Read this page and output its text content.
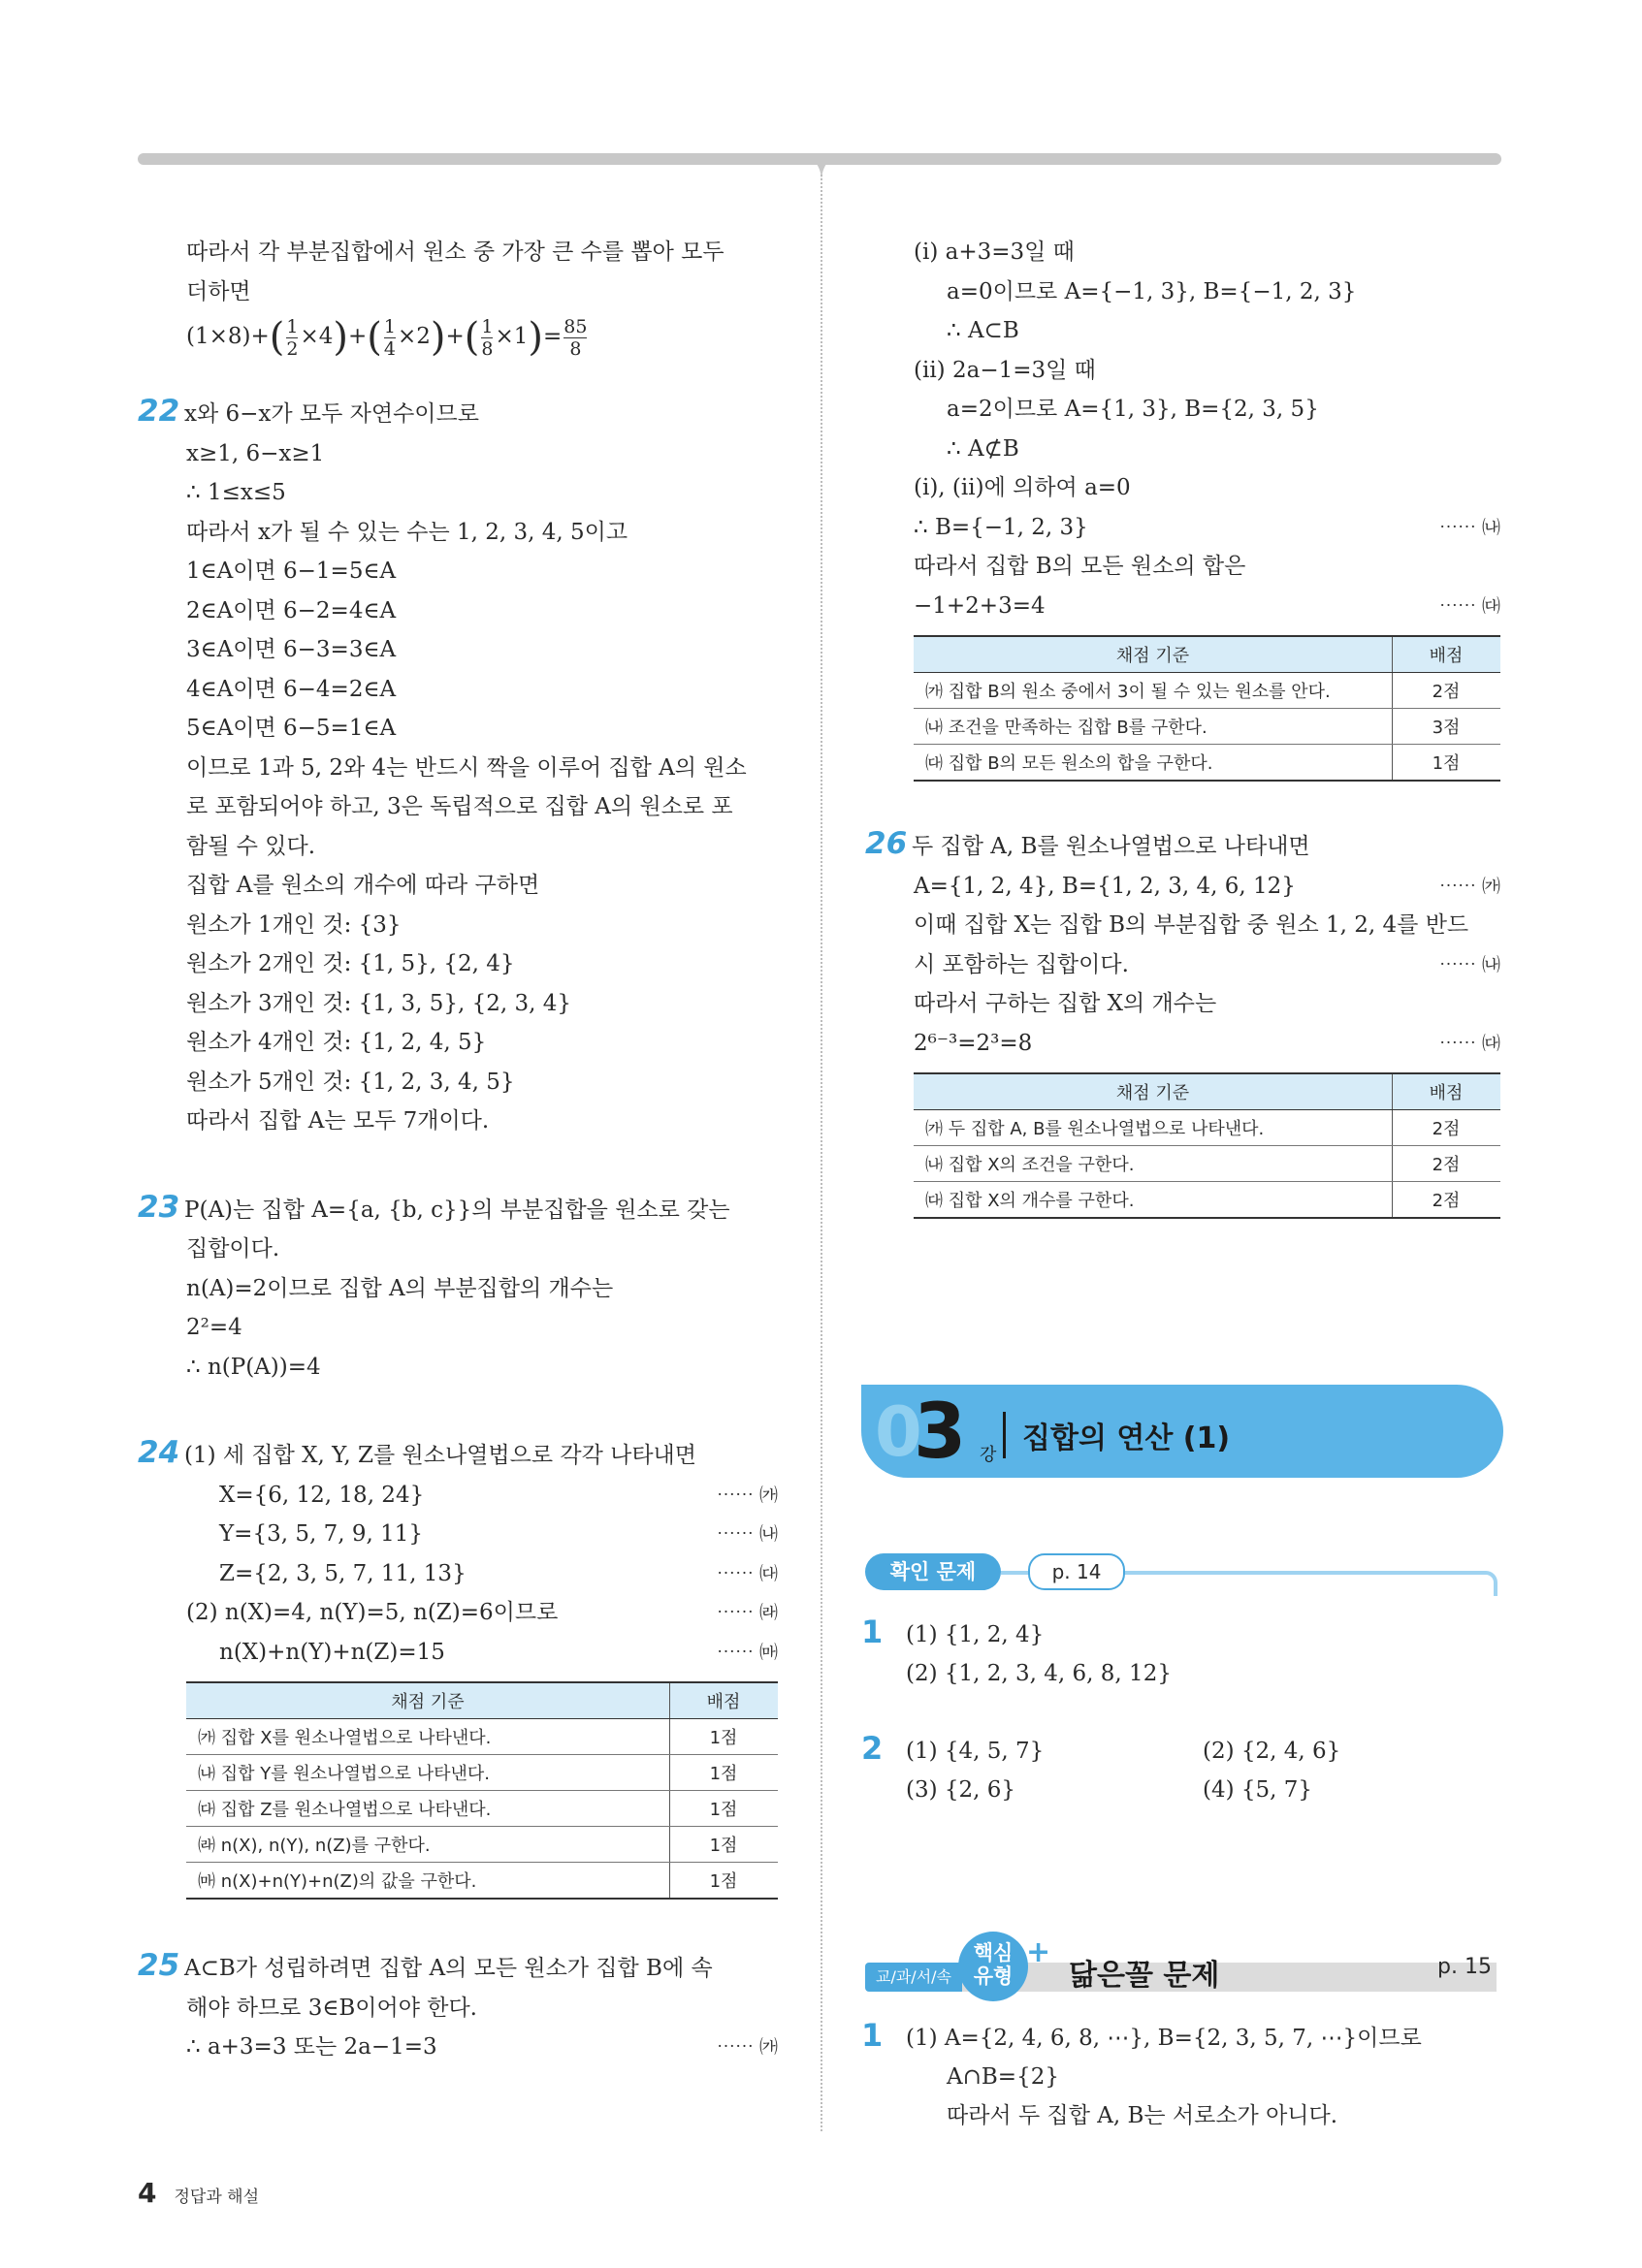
따라서 각 부분집합에서 원소 중 가장 큰 수를 뽑아 모두
더하면
$(1\times 8)+( \frac{1}{2} \times 4)+( \frac{1}{4} \times 2)+( \frac{1}{8} \times 1)= \frac{85}{8}$
22 x와 6−x가 모두 자연수이므로
x≥1, 6−x≥1
∴ 1≤x≤5
따라서 x가 될 수 있는 수는 1, 2, 3, 4, 5이고
1∈A이면 6−1=5∈A
2∈A이면 6−2=4∈A
3∈A이면 6−3=3∈A
4∈A이면 6−4=2∈A
5∈A이면 6−5=1∈A
이므로 1과 5, 2와 4는 반드시 짝을 이루어 집합 A의 원소
로 포함되어야 하고, 3은 독립적으로 집합 A의 원소로 포
함될 수 있다.
집합 A를 원소의 개수에 따라 구하면
원소가 1개인 것: {3}
원소가 2개인 것: {1, 5}, {2, 4}
원소가 3개인 것: {1, 3, 5}, {2, 3, 4}
원소가 4개인 것: {1, 2, 4, 5}
원소가 5개인 것: {1, 2, 3, 4, 5}
따라서 집합 A는 모두 7개이다.
23 P(A)는 집합 A={a, {b, c}}의 부분집합을 원소로 갖는
집합이다.
n(A)=2이므로 집합 A의 부분집합의 개수는
2²=4
∴ n(P(A))=4
24 (1) 세 집합 X, Y, Z를 원소나열법으로 각각 나타내면
X={6, 12, 18, 24}	⋯⋯ ㈎
Y={3, 5, 7, 9, 11}	⋯⋯ ㈏
Z={2, 3, 5, 7, 11, 13}	⋯⋯ ㈐
(2) n(X)=4, n(Y)=5, n(Z)=6이므로	⋯⋯ ㈑
n(X)+n(Y)+n(Z)=15	⋯⋯ ㈒
채점 기준	배점
㈎ 집합 X를 원소나열법으로 나타낸다.	1점
㈏ 집합 Y를 원소나열법으로 나타낸다.	1점
㈐ 집합 Z를 원소나열법으로 나타낸다.	1점
㈑ n(X), n(Y), n(Z)를 구한다.	1점
㈒ n(X)+n(Y)+n(Z)의 값을 구한다.	1점
25 A⊂B가 성립하려면 집합 A의 모든 원소가 집합 B에 속
해야 하므로 3∈B이어야 한다.
∴ a+3=3 또는 2a−1=3	⋯⋯ ㈎
(ⅰ) a+3=3일 때
a=0이므로 A={−1, 3}, B={−1, 2, 3}
∴ A⊂B
(ⅱ) 2a−1=3일 때
a=2이므로 A={1, 3}, B={2, 3, 5}
∴ A⊄B
(ⅰ), (ⅱ)에 의하여 a=0
∴ B={−1, 2, 3}	⋯⋯ ㈏
따라서 집합 B의 모든 원소의 합은
−1+2+3=4	⋯⋯ ㈐
채점 기준	배점
㈎ 집합 B의 원소 중에서 3이 될 수 있는 원소를 안다.	2점
㈏ 조건을 만족하는 집합 B를 구한다.	3점
㈐ 집합 B의 모든 원소의 합을 구한다.	1점
26 두 집합 A, B를 원소나열법으로 나타내면
A={1, 2, 4}, B={1, 2, 3, 4, 6, 12}	⋯⋯ ㈎
이때 집합 X는 집합 B의 부분집합 중 원소 1, 2, 4를 반드
시 포함하는 집합이다.	⋯⋯ ㈏
따라서 구하는 집합 X의 개수는
2⁶⁻³=2³=8	⋯⋯ ㈐
채점 기준	배점
㈎ 두 집합 A, B를 원소나열법으로 나타낸다.	2점
㈏ 집합 X의 조건을 구한다.	2점
㈐ 집합 X의 개수를 구한다.	2점
0
3 강 집합의 연산 (1)
확인 문제	p. 14
1 (1) {1, 2, 4}
(2) {1, 2, 3, 4, 6, 8, 12}
2 (1) {4, 5, 7}	(2) {2, 4, 6}
(3) {2, 6}	(4) {5, 7}
교/과/서/속
핵심
유형
+
닮은꼴 문제	p. 15
1 (1) A={2, 4, 6, 8, ⋯}, B={2, 3, 5, 7, ⋯}이므로
A∩B={2}
따라서 두 집합 A, B는 서로소가 아니다.
4 정답과 해설
